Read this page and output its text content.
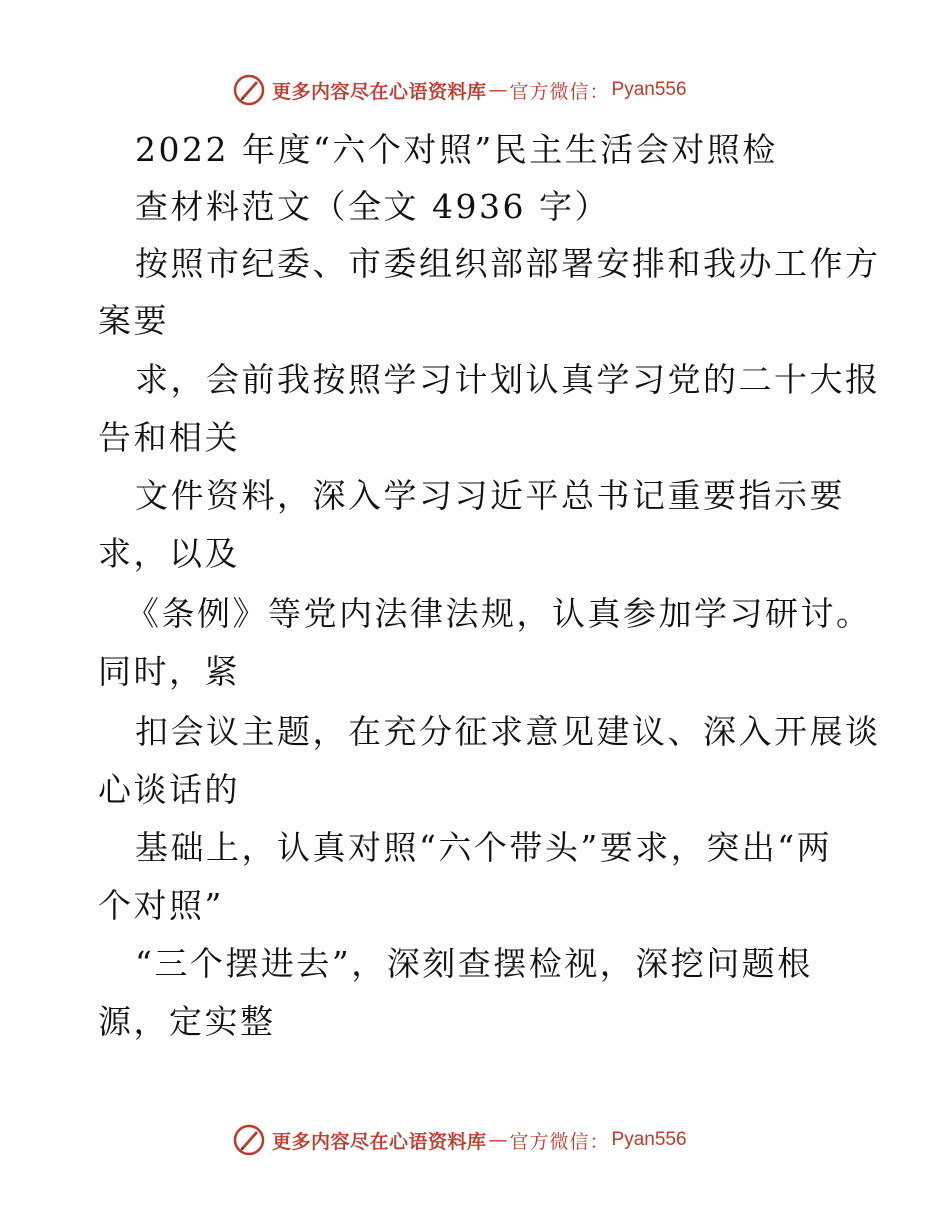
更多内容尽在心语资料库 — 官方微信： Pyan556
2022 年度“六个对照”民主生活会对照检
查材料范文（全文 4936 字）
按照市纪委、市委组织部部署安排和我办工作方
案要
求，会前我按照学习计划认真学习党的二十大报
告和相关
文件资料，深入学习习近平总书记重要指示要
求，以及
《条例》等党内法律法规，认真参加学习研讨。
同时，紧
扣会议主题，在充分征求意见建议、深入开展谈
心谈话的
基础上，认真对照“六个带头”要求，突出“两
个对照”
“三个摆进去”，深刻查摆检视，深挖问题根
源，定实整
更多内容尽在心语资料库 — 官方微信： Pyan556
